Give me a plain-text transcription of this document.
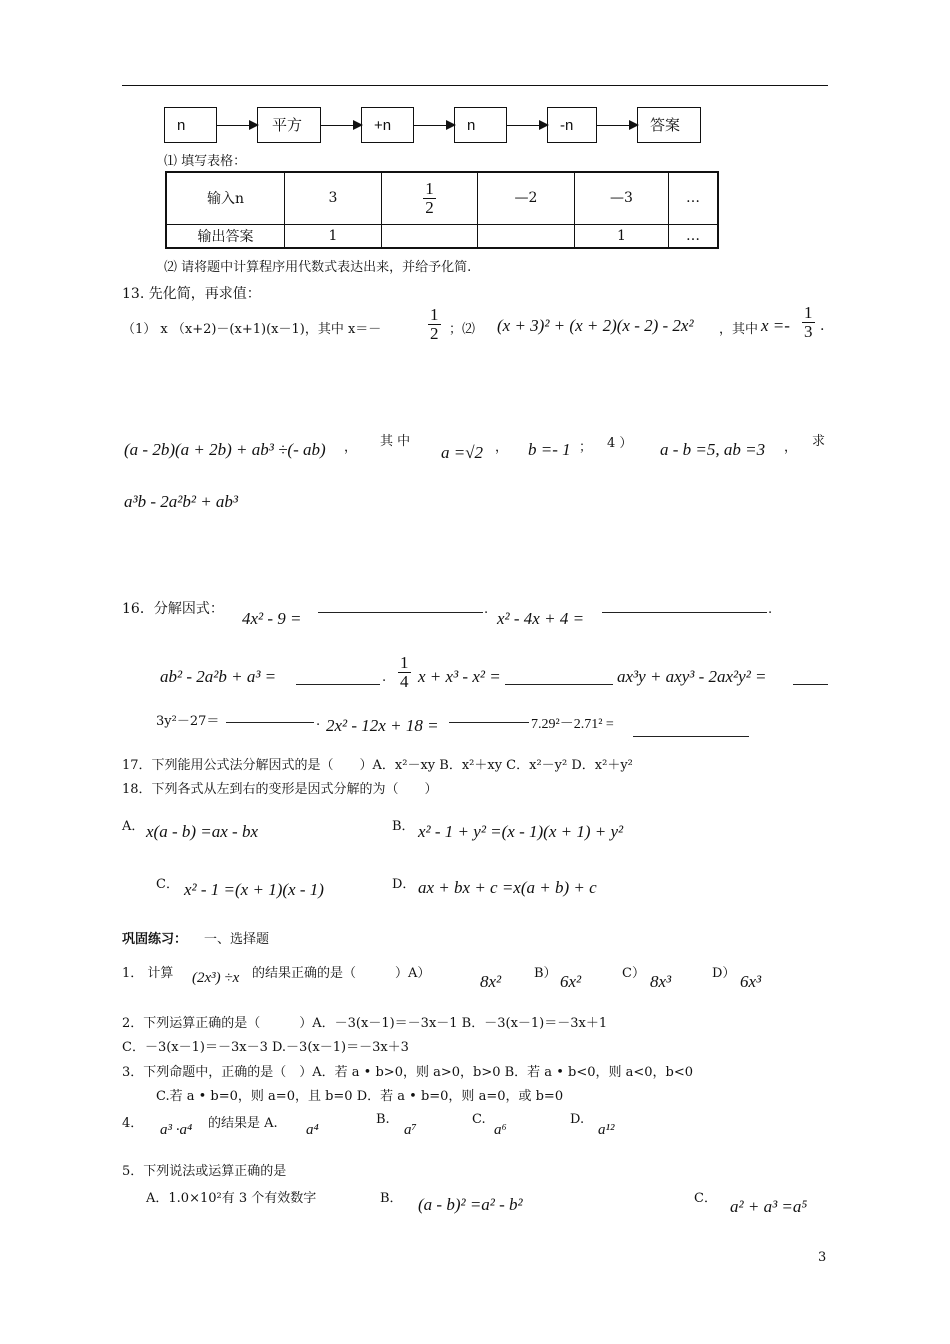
n	平方	+n	n	-n	答案
⑴ 填写表格：
输入n	3	$\frac{1}{2}$	—2	—3	…
输出答案	1			1	…
⑵ 请将题中计算程序用代数式表达出来，并给予化简.
13. 先化简，再求值：
（1） x （x+2)－(x+1)(x－1)，其中 x＝－	$\frac{1}{2}$ ；⑵ (x + 3)² + (x + 2)(x - 2) - 2x² ，其中 $x =- \frac{1}{3}$ .
(a - 2b)(a + 2b) + ab³ ÷(- ab) ， 其 中
a =√2 ， b =- 1 ； 4 ） a - b =5, ab =3 ， 求
a³b - 2a²b² + ab³
16．分解因式： 4x² - 9 =	. x² - 4x + 4 =	.
ab² - 2a²b + a³ =	. $\frac{1}{4}$ x + x³ - x² =	ax³y + axy³ - 2ax²y² =
3y²－27＝	. 2x² - 12x + 18 =	7.29²－2.71² =
17．下列能用公式法分解因式的是（　　）A．x²－xy B．x²＋xy C．x²－y² D．x²＋y²
18．下列各式从左到右的变形是因式分解的为（　　）
A． x(a - b) =ax - bx	B． x² - 1 + y² =(x - 1)(x + 1) + y²
C． x² - 1 =(x + 1)(x - 1)	D． ax + bx + c =x(a + b) + c
巩固练习： 一、选择题
1． 计算 (2x³) ÷x 的结果正确的是（　　　）A）	8x²	B） 6x²	C） 8x³	D） 6x³
2．下列运算正确的是（　　　）A．－3(x－1)＝－3x－1 B．－3(x－1)＝－3x＋1
C．－3(x－1)＝－3x－3 D.－3(x－1)＝－3x＋3
3．下列命题中，正确的是（　）A．若 a • b>0，则 a>0，b>0 B．若 a • b<0，则 a<0，b<0
C.若 a • b=0，则 a=0，且 b=0 D．若 a • b=0，则 a=0，或 b=0
4． a³ ·a⁴ 的结果是 A. a⁴
B.
a⁷
C.
a⁶
D.
a¹²
5．下列说法或运算正确的是
A．1.0×10²有 3 个有效数字	B． (a - b)² =a² - b²	C． a² + a³ =a⁵
3
